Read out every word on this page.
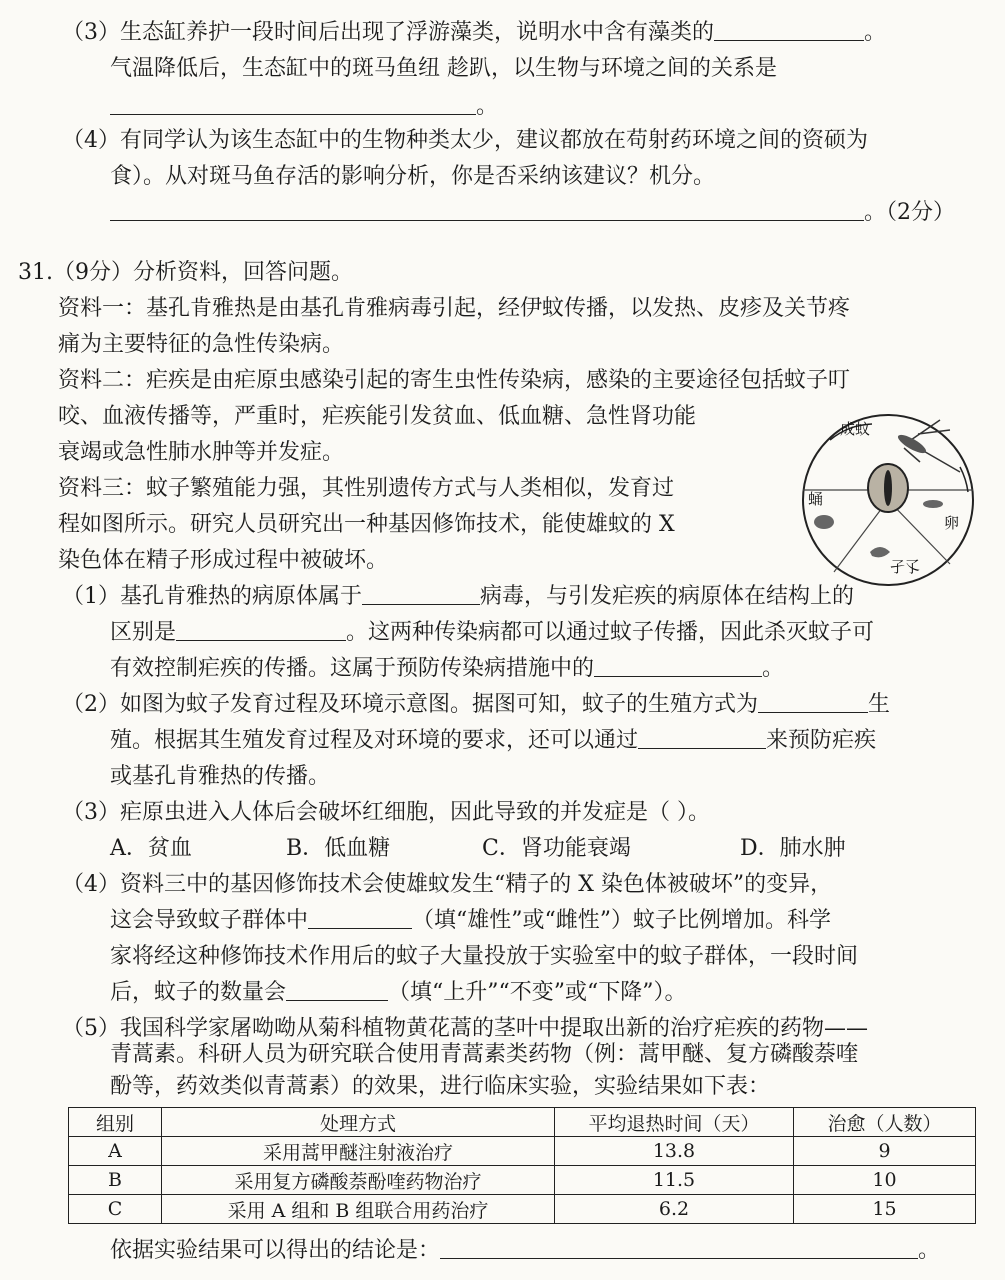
（3）生态缸养护一段时间后出现了浮游藻类，说明水中含有藻类的	。
气温降低后，生态缸中的斑马鱼纽 趁趴，以生物与环境之间的关系是
。
（4）有同学认为该生态缸中的生物种类太少，建议都放在苟射药环境之间的资硕为
食）。从对斑马鱼存活的影响分析，你是否采纳该建议？机分。
。（2分）
31.（9分）分析资料，回答问题。
资料一：基孔肯雅热是由基孔肯雅病毒引起，经伊蚊传播，以发热、皮疹及关节疼
痛为主要特征的急性传染病。
资料二：疟疾是由疟原虫感染引起的寄生虫性传染病，感染的主要途径包括蚊子叮
咬、血液传播等，严重时，疟疾能引发贫血、低血糖、急性肾功能
衰竭或急性肺水肿等并发症。
资料三：蚊子繁殖能力强，其性别遗传方式与人类相似，发育过
程如图所示。研究人员研究出一种基因修饰技术，能使雄蚊的 X
染色体在精子形成过程中被破坏。
成蚊
蛹
卵
孑孓
（1）基孔肯雅热的病原体属于	病毒，与引发疟疾的病原体在结构上的
区别是	。这两种传染病都可以通过蚊子传播，因此杀灭蚊子可
有效控制疟疾的传播。这属于预防传染病措施中的	。
（2）如图为蚊子发育过程及环境示意图。据图可知，蚊子的生殖方式为	生
殖。根据其生殖发育过程及对环境的要求，还可以通过	来预防疟疾
或基孔肯雅热的传播。
（3）疟原虫进入人体后会破坏红细胞，因此导致的并发症是（ ）。
A．贫血	B．低血糖	C．肾功能衰竭	D．肺水肿
（4）资料三中的基因修饰技术会使雄蚊发生“精子的 X 染色体被破坏”的变异，
这会导致蚊子群体中	（填“雄性”或“雌性”）蚊子比例增加。科学
家将经这种修饰技术作用后的蚊子大量投放于实验室中的蚊子群体，一段时间
后，蚊子的数量会	（填“上升”“不变”或“下降”）。
（5）我国科学家屠呦呦从菊科植物黄花蒿的茎叶中提取出新的治疗疟疾的药物——
青蒿素。科研人员为研究联合使用青蒿素类药物（例：蒿甲醚、复方磷酸萘喹
酚等，药效类似青蒿素）的效果，进行临床实验，实验结果如下表：
组别	处理方式	平均退热时间（天）	治愈（人数）
A	采用蒿甲醚注射液治疗	13.8	9
B	采用复方磷酸萘酚喹药物治疗	11.5	10
C	采用 A 组和 B 组联合用药治疗	6.2	15
依据实验结果可以得出的结论是：	。
